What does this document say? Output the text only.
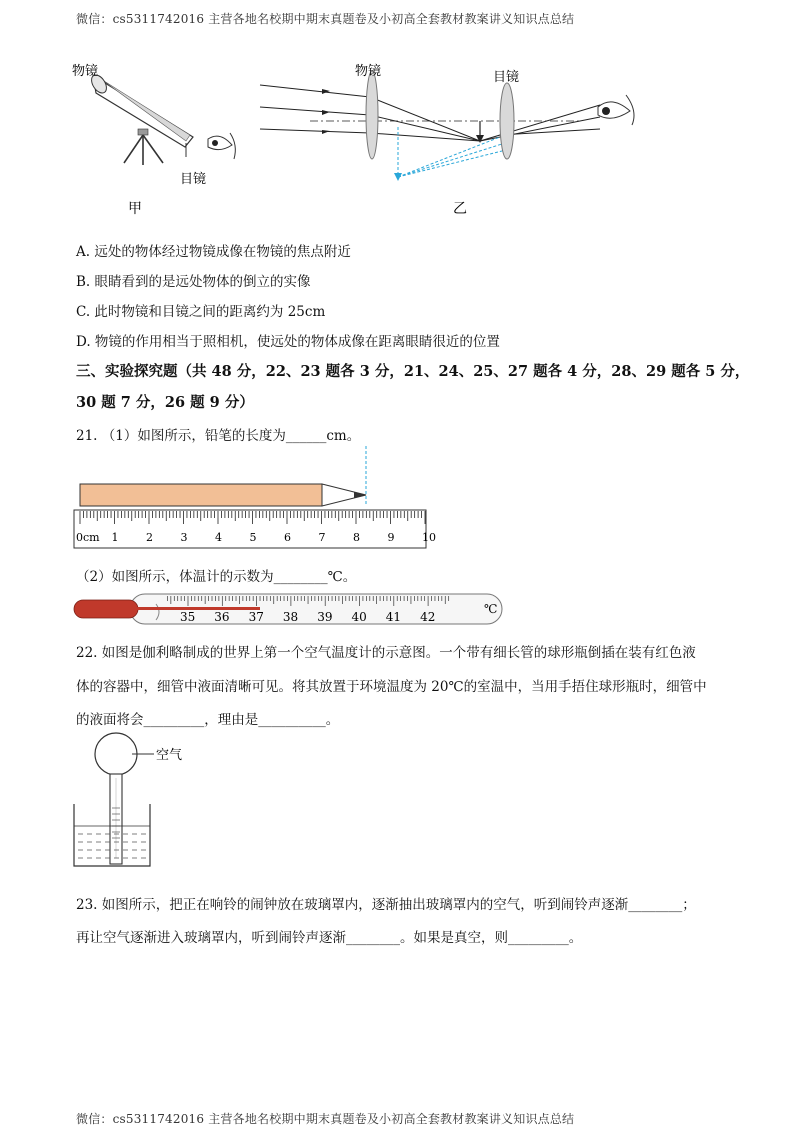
微信：cs5311742016 主营各地名校期中期末真题卷及小初高全套教材教案讲义知识点总结
物镜
目镜
甲
物镜	目镜
乙
A. 远处的物体经过物镜成像在物镜的焦点附近
B. 眼睛看到的是远处物体的倒立的实像
C. 此时物镜和目镜之间的距离约为 25cm
D. 物镜的作用相当于照相机，使远处的物体成像在距离眼睛很近的位置
三、实验探究题（共 48 分，22、23 题各 3 分，21、24、25、27 题各 4 分，28、29 题各 5 分，
30 题 7 分，26 题 9 分）
21. （1）如图所示，铅笔的长度为______cm。
0cm 1	2	3	4	5	6	7	8	9	10
（2）如图所示，体温计的示数为________℃。
35 36 37 38 39 40 41 42
℃
22. 如图是伽利略制成的世界上第一个空气温度计的示意图。一个带有细长管的球形瓶倒插在装有红色液
体的容器中，细管中液面清晰可见。将其放置于环境温度为 20℃的室温中，当用手捂住球形瓶时，细管中
的液面将会_________，理由是__________。
空气
23. 如图所示，把正在响铃的闹钟放在玻璃罩内，逐渐抽出玻璃罩内的空气，听到闹铃声逐渐________；
再让空气逐渐进入玻璃罩内，听到闹铃声逐渐________。如果是真空，则_________。
微信：cs5311742016 主营各地名校期中期末真题卷及小初高全套教材教案讲义知识点总结
